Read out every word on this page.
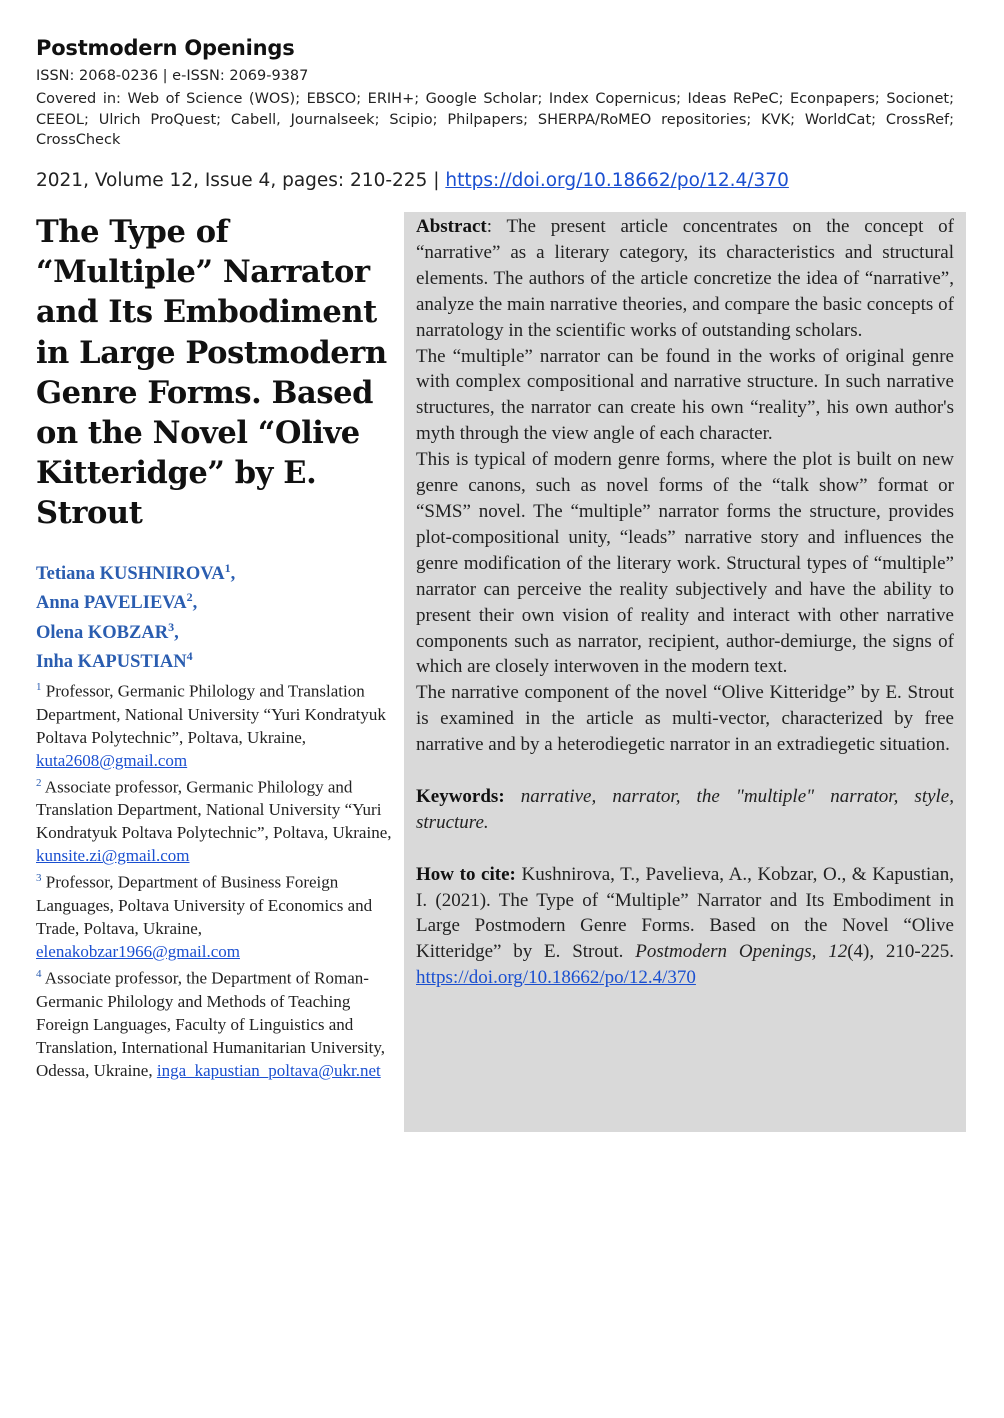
Postmodern Openings
ISSN: 2068-0236 | e-ISSN: 2069-9387
Covered in: Web of Science (WOS); EBSCO; ERIH+; Google Scholar; Index Copernicus; Ideas RePeC; Econpapers; Socionet; CEEOL; Ulrich ProQuest; Cabell, Journalseek; Scipio; Philpapers; SHERPA/RoMEO repositories; KVK; WorldCat; CrossRef; CrossCheck
2021, Volume 12, Issue 4, pages: 210-225 | https://doi.org/10.18662/po/12.4/370
The Type of “Multiple” Narrator and Its Embodiment in Large Postmodern Genre Forms. Based on the Novel “Olive Kitteridge” by E. Strout
Tetiana KUSHNIROVA$^1$,
Anna PAVELIEVA$^2$,
Olena KOBZAR$^3$,
Inha KAPUSTIAN$^4$

$^1$ Professor, Germanic Philology and Translation Department, National University “Yuri Kondratyuk Poltava Polytechnic”, Poltava, Ukraine, kuta2608@gmail.com

$^2$ Associate professor, Germanic Philology and Translation Department, National University “Yuri Kondratyuk Poltava Polytechnic”, Poltava, Ukraine, kunsite.zi@gmail.com

$^3$ Professor, Department of Business Foreign Languages, Poltava University of Economics and Trade, Poltava, Ukraine, elenakobzar1966@gmail.com

$^4$ Associate professor, the Department of Roman-Germanic Philology and Methods of Teaching Foreign Languages, Faculty of Linguistics and Translation, International Humanitarian University, Odessa, Ukraine, inga_kapustian_poltava@ukr.net

Abstract: The present article concentrates on the concept of “narrative” as a literary category, its characteristics and structural elements. The authors of the article concretize the idea of “narrative”, analyze the main narrative theories, and compare the basic concepts of narratology in the scientific works of outstanding scholars.

The “multiple” narrator can be found in the works of original genre with complex compositional and narrative structure. In such narrative structures, the narrator can create his own “reality”, his own author's myth through the view angle of each character.

This is typical of modern genre forms, where the plot is built on new genre canons, such as novel forms of the “talk show” format or “SMS” novel. The “multiple” narrator forms the structure, provides plot-compositional unity, “leads” narrative story and influences the genre modification of the literary work. Structural types of “multiple” narrator can perceive the reality subjectively and have the ability to present their own vision of reality and interact with other narrative components such as narrator, recipient, author-demiurge, the signs of which are closely interwoven in the modern text.

The narrative component of the novel “Olive Kitteridge” by E. Strout is examined in the article as multi-vector, characterized by free narrative and by a heterodiegetic narrator in an extradiegetic situation.

Keywords: narrative, narrator, the "multiple" narrator, style, structure.

How to cite: Kushnirova, T., Pavelieva, A., Kobzar, O., & Kapustian, I. (2021). The Type of “Multiple” Narrator and Its Embodiment in Large Postmodern Genre Forms. Based on the Novel “Olive Kitteridge” by E. Strout. Postmodern Openings, 12(4), 210-225. https://doi.org/10.18662/po/12.4/370
